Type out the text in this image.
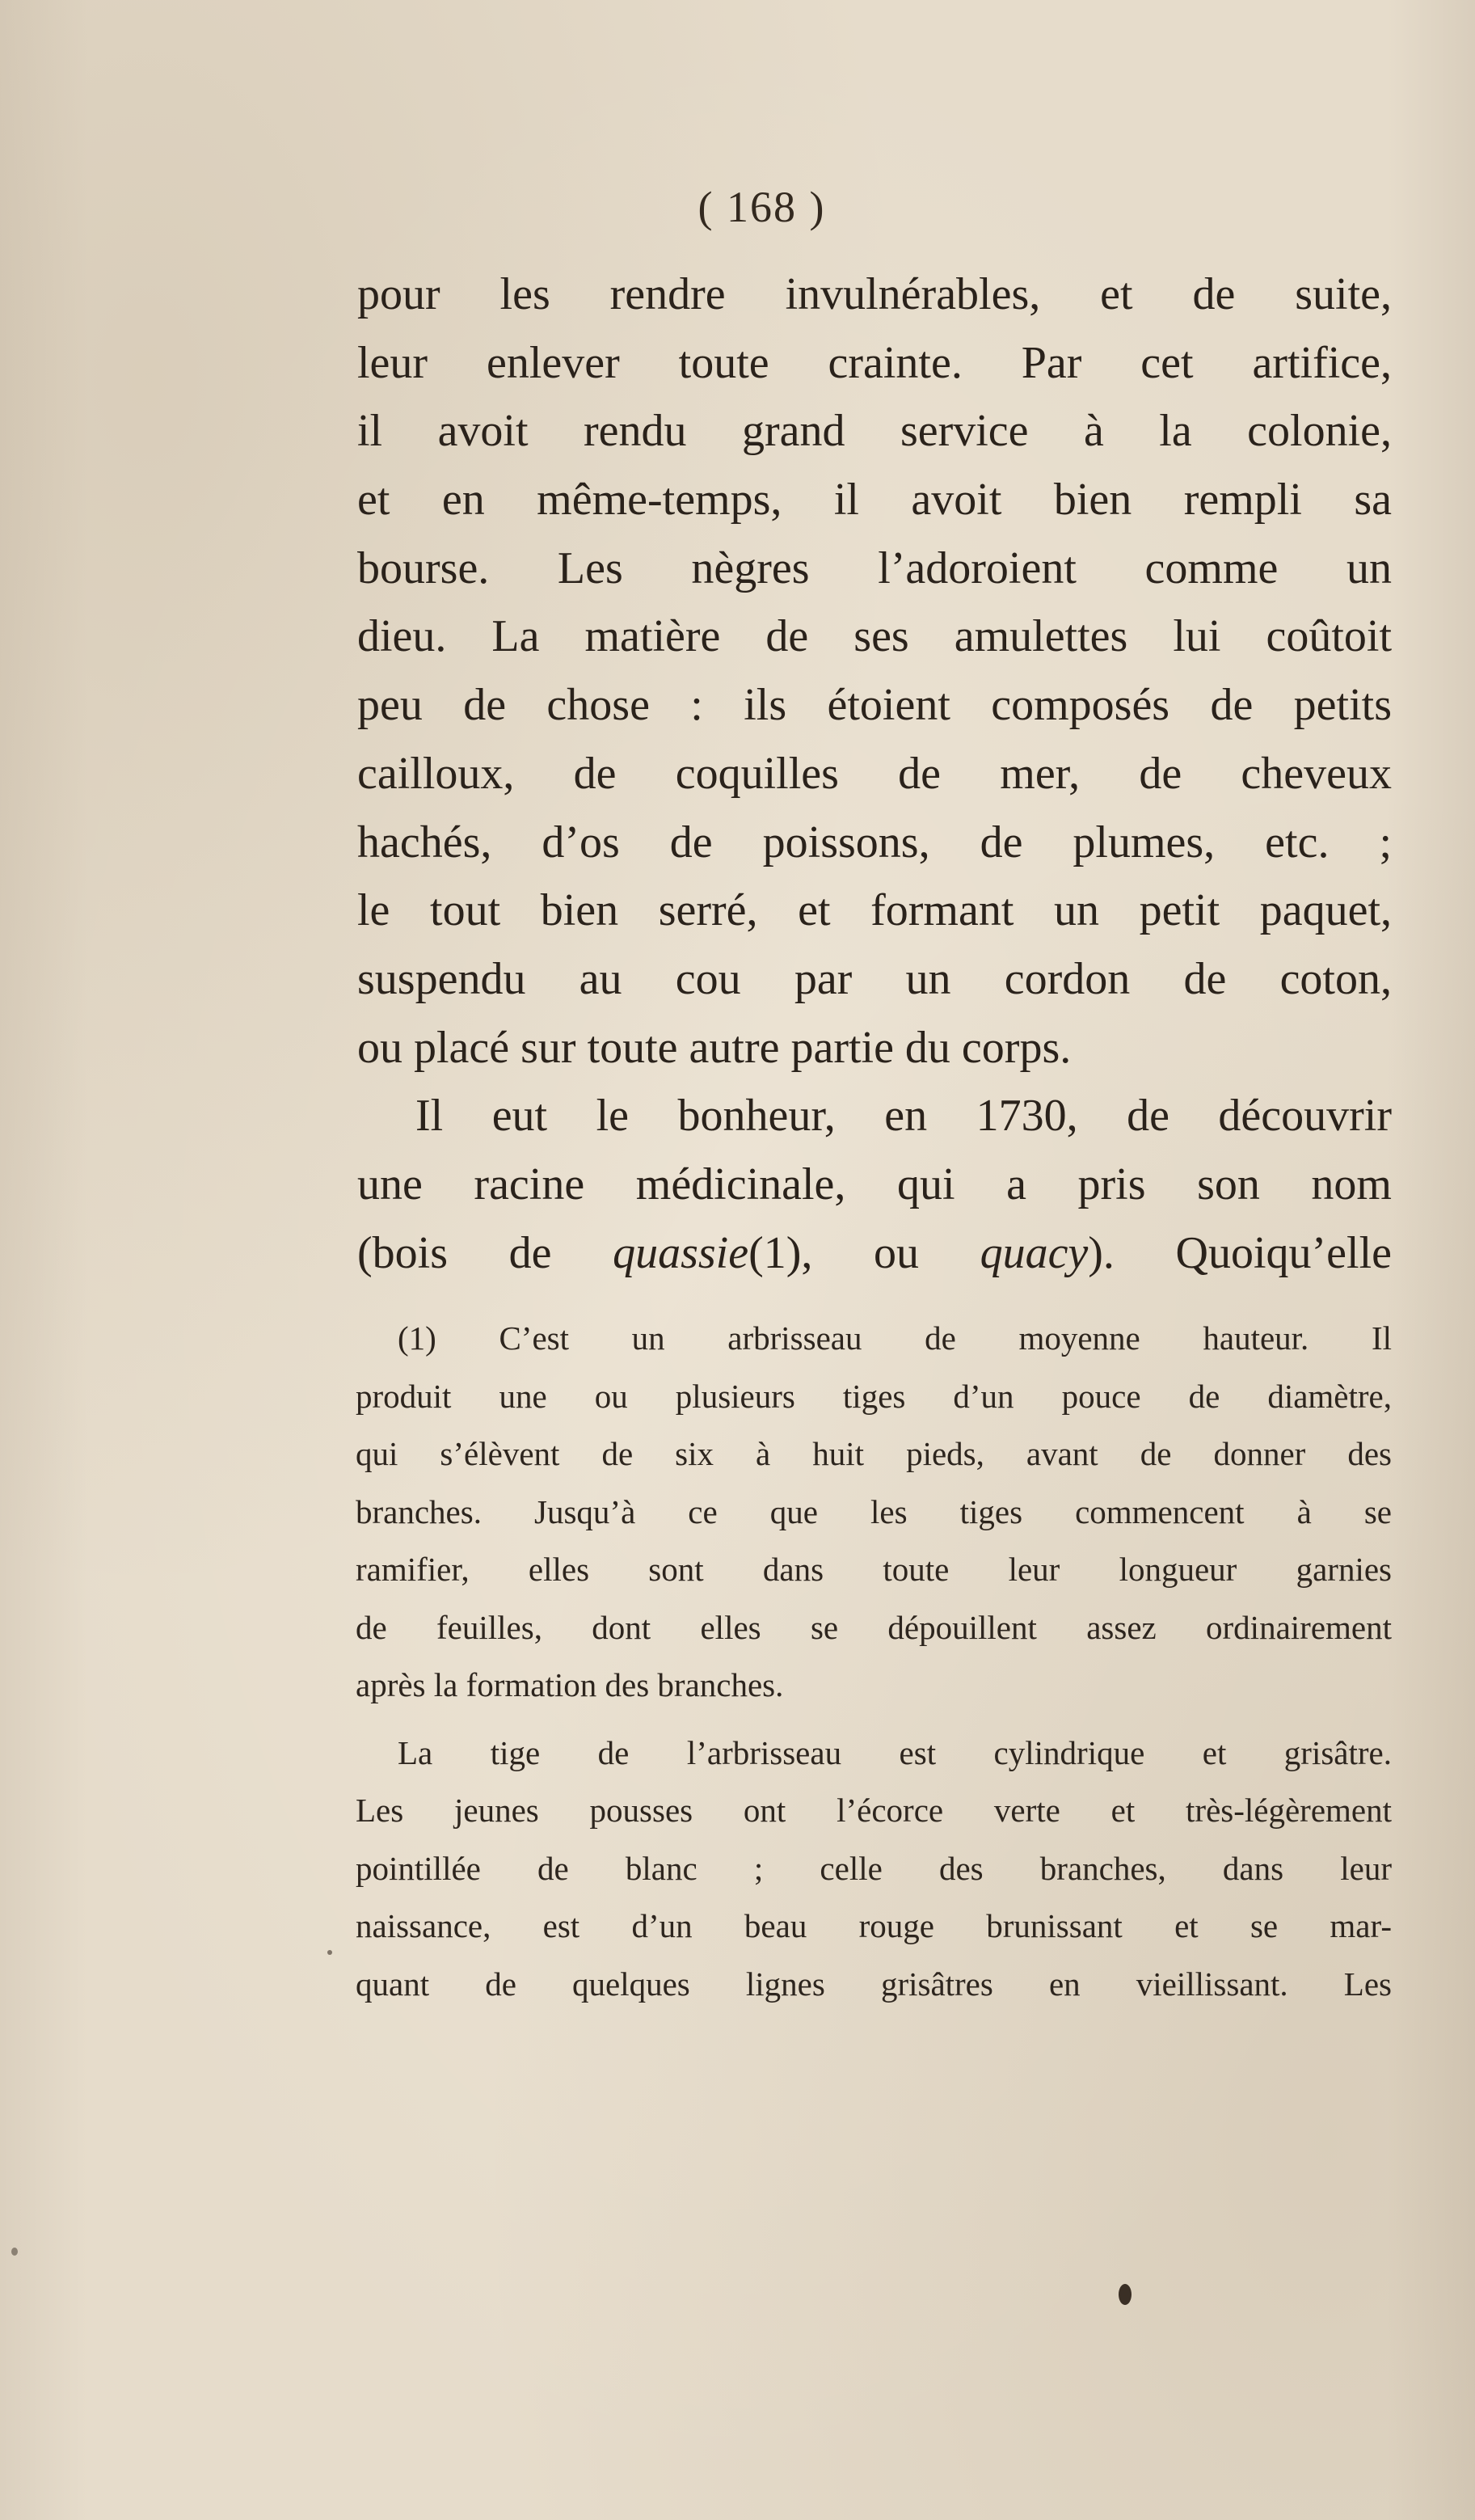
( 168 )
pour les rendre invulnérables, et de suite,
leur enlever toute crainte. Par cet artifice,
il avoit rendu grand service à la colonie,
et en même-temps, il avoit bien rempli sa
bourse. Les nègres l’adoroient comme un
dieu. La matière de ses amulettes lui coûtoit
peu de chose : ils étoient composés de petits
cailloux, de coquilles de mer, de cheveux
hachés, d’os de poissons, de plumes, etc. ;
le tout bien serré, et formant un petit paquet,
suspendu au cou par un cordon de coton,
ou placé sur toute autre partie du corps.
Il eut le bonheur, en 1730, de découvrir
une racine médicinale, qui a pris son nom
(bois de quassie(1), ou quacy). Quoiqu’elle
(1) C’est un arbrisseau de moyenne hauteur. Il
produit une ou plusieurs tiges d’un pouce de diamètre,
qui s’élèvent de six à huit pieds, avant de donner des
branches. Jusqu’à ce que les tiges commencent à se
ramifier, elles sont dans toute leur longueur garnies
de feuilles, dont elles se dépouillent assez ordinairement
après la formation des branches.
La tige de l’arbrisseau est cylindrique et grisâtre.
Les jeunes pousses ont l’écorce verte et très-légèrement
pointillée de blanc ; celle des branches, dans leur
naissance, est d’un beau rouge brunissant et se mar-
quant de quelques lignes grisâtres en vieillissant. Les
